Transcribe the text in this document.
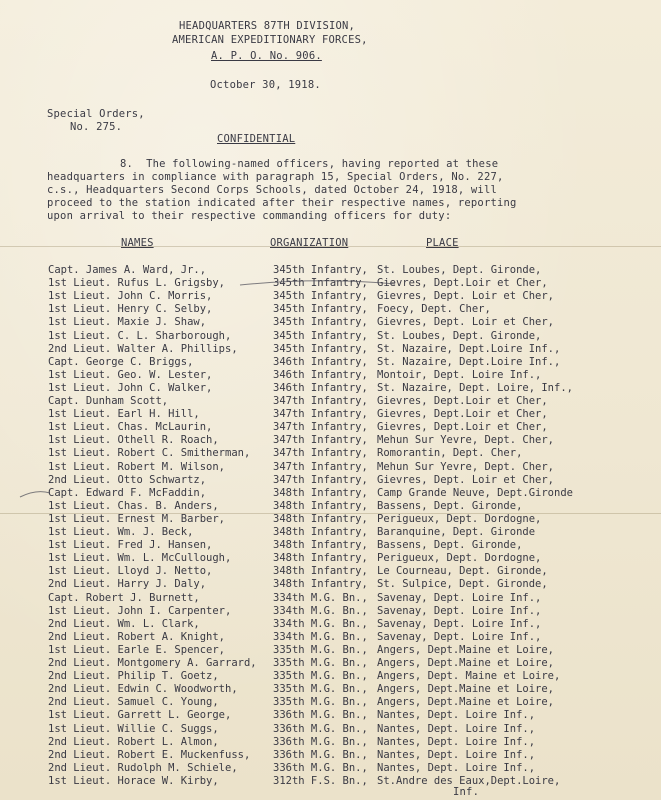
HEADQUARTERS 87TH DIVISION,
AMERICAN EXPEDITIONARY FORCES,
A. P. O. No. 906.
October 30, 1918.
Special Orders,
No. 275.
CONFIDENTIAL
8.  The following-named officers, having reported at these
headquarters in compliance with paragraph 15, Special Orders, No. 227,
c.s., Headquarters Second Corps Schools, dated October 24, 1918, will
proceed to the station indicated after their respective names, reporting
upon arrival to their respective commanding officers for duty:
NAMES	ORGANIZATION	PLACE
Capt. James A. Ward, Jr.,	345th Infantry, St. Loubes, Dept. Gironde,
1st Lieut. Rufus L. Grigsby,	345th Infantry, Gievres, Dept.Loir et Cher,
1st Lieut. John C. Morris,	345th Infantry, Gievres, Dept. Loir et Cher,
1st Lieut. Henry C. Selby,	345th Infantry, Foecy, Dept. Cher,
1st Lieut. Maxie J. Shaw,	345th Infantry, Gievres, Dept. Loir et Cher,
1st Lieut. C. L. Sharborough,	345th Infantry, St. Loubes, Dept. Gironde,
2nd Lieut. Walter A. Phillips,	345th Infantry, St. Nazaire, Dept.Loire Inf.,
Capt. George C. Briggs,	346th Infantry, St. Nazaire, Dept.Loire Inf.,
1st Lieut. Geo. W. Lester,	346th Infantry, Montoir, Dept. Loire Inf.,
1st Lieut. John C. Walker,	346th Infantry, St. Nazaire, Dept. Loire, Inf.,
Capt. Dunham Scott,	347th Infantry, Gievres, Dept.Loir et Cher,
1st Lieut. Earl H. Hill,	347th Infantry, Gievres, Dept.Loir et Cher,
1st Lieut. Chas. McLaurin,	347th Infantry, Gievres, Dept.Loir et Cher,
1st Lieut. Othell R. Roach,	347th Infantry, Mehun Sur Yevre, Dept. Cher,
1st Lieut. Robert C. Smitherman, 347th Infantry, Romorantin, Dept. Cher,
1st Lieut. Robert M. Wilson,	347th Infantry, Mehun Sur Yevre, Dept. Cher,
2nd Lieut. Otto Schwartz,	347th Infantry, Gievres, Dept. Loir et Cher,
Capt. Edward F. McFaddin,	348th Infantry, Camp Grande Neuve, Dept.Gironde
1st Lieut. Chas. B. Anders,	348th Infantry, Bassens, Dept. Gironde,
1st Lieut. Ernest M. Barber,	348th Infantry, Perigueux, Dept. Dordogne,
1st Lieut. Wm. J. Beck,	348th Infantry, Baranquine, Dept. Gironde
1st Lieut. Fred J. Hansen,	348th Infantry, Bassens, Dept. Gironde,
1st Lieut. Wm. L. McCullough,	348th Infantry, Perigueux, Dept. Dordogne,
1st Lieut. Lloyd J. Netto,	348th Infantry, Le Courneau, Dept. Gironde,
2nd Lieut. Harry J. Daly,	348th Infantry, St. Sulpice, Dept. Gironde,
Capt. Robert J. Burnett,	334th M.G. Bn., Savenay, Dept. Loire Inf.,
1st Lieut. John I. Carpenter,	334th M.G. Bn., Savenay, Dept. Loire Inf.,
2nd Lieut. Wm. L. Clark,	334th M.G. Bn., Savenay, Dept. Loire Inf.,
2nd Lieut. Robert A. Knight,	334th M.G. Bn., Savenay, Dept. Loire Inf.,
1st Lieut. Earle E. Spencer,	335th M.G. Bn., Angers, Dept.Maine et Loire,
2nd Lieut. Montgomery A. Garrard, 335th M.G. Bn., Angers, Dept.Maine et Loire,
2nd Lieut. Philip T. Goetz,	335th M.G. Bn., Angers, Dept. Maine et Loire,
2nd Lieut. Edwin C. Woodworth,	335th M.G. Bn., Angers, Dept.Maine et Loire,
2nd Lieut. Samuel C. Young,	335th M.G. Bn., Angers, Dept.Maine et Loire,
1st Lieut. Garrett L. George,	336th M.G. Bn., Nantes, Dept. Loire Inf.,
1st Lieut. Willie C. Suggs,	336th M.G. Bn., Nantes, Dept. Loire Inf.,
2nd Lieut. Robert L. Almon,	336th M.G. Bn., Nantes, Dept. Loire Inf.,
2nd Lieut. Robert E. Muckenfuss, 336th M.G. Bn., Nantes, Dept. Loire Inf.,
2nd Lieut. Rudolph M. Schiele,	336th M.G. Bn., Nantes, Dept. Loire Inf.,
1st Lieut. Horace W. Kirby,	312th F.S. Bn., St.Andre des Eaux,Dept.Loire,
Inf.
